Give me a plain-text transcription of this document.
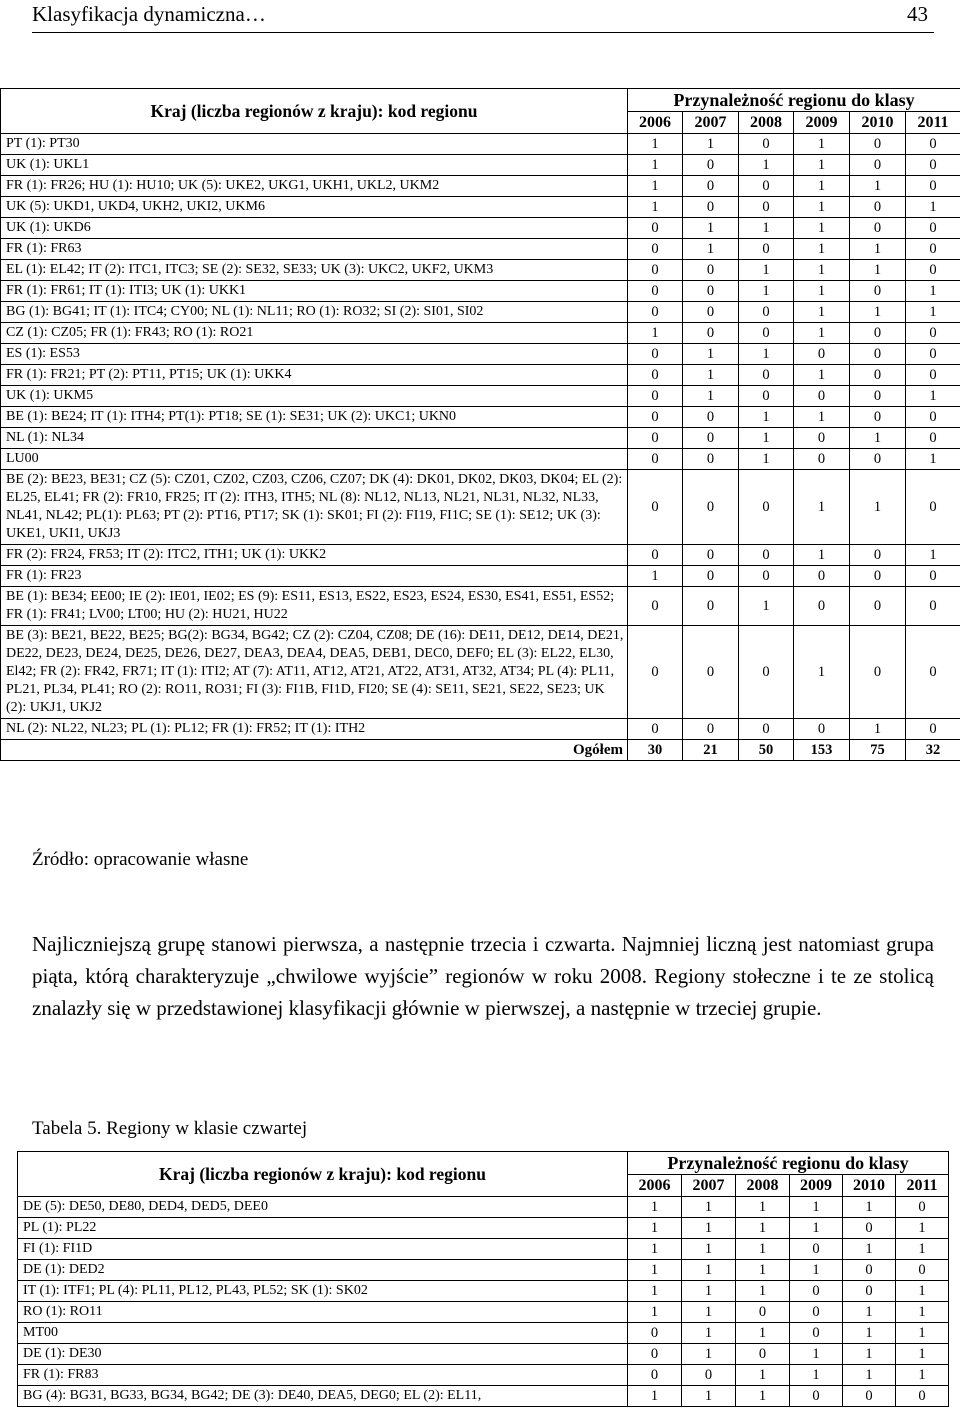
Klasyfikacja dynamiczna…	43
Kraj (liczba regionów z kraju): kod regionu	Przynależność regionu do klasy					
	2006	2007	2008	2009	2010	2011
PT (1): PT30	1	1	0	1	0	0
UK (1): UKL1	1	0	1	1	0	0
FR (1): FR26; HU (1): HU10; UK (5): UKE2, UKG1, UKH1, UKL2, UKM2	1	0	0	1	1	0
UK (5): UKD1, UKD4, UKH2, UKI2, UKM6	1	0	0	1	0	1
UK (1): UKD6	0	1	1	1	0	0
FR (1): FR63	0	1	0	1	1	0
EL (1): EL42; IT (2): ITC1, ITC3; SE (2): SE32, SE33; UK (3): UKC2, UKF2, UKM3	0	0	1	1	1	0
FR (1): FR61; IT (1): ITI3; UK (1): UKK1	0	0	1	1	0	1
BG (1): BG41; IT (1): ITC4; CY00; NL (1): NL11; RO (1): RO32; SI (2): SI01, SI02	0	0	0	1	1	1
CZ (1): CZ05; FR (1): FR43; RO (1): RO21	1	0	0	1	0	0
ES (1): ES53	0	1	1	0	0	0
FR (1): FR21; PT (2): PT11, PT15; UK (1): UKK4	0	1	0	1	0	0
UK (1): UKM5	0	1	0	0	0	1
BE (1): BE24; IT (1): ITH4; PT(1): PT18; SE (1): SE31; UK (2): UKC1; UKN0	0	0	1	1	0	0
NL (1): NL34	0	0	1	0	1	0
LU00	0	0	1	0	0	1
BE (2): BE23, BE31; CZ (5): CZ01, CZ02, CZ03, CZ06, CZ07; DK (4): DK01, DK02, DK03, DK04; EL (2): EL25, EL41; FR (2): FR10, FR25; IT (2): ITH3, ITH5; NL (8): NL12, NL13, NL21, NL31, NL32, NL33, NL41, NL42; PL(1): PL63; PT (2): PT16, PT17; SK (1): SK01; FI (2): FI19, FI1C; SE (1): SE12; UK (3): UKE1, UKI1, UKJ3	0	0	0	1	1	0
FR (2): FR24, FR53; IT (2): ITC2, ITH1; UK (1): UKK2	0	0	0	1	0	1
FR (1): FR23	1	0	0	0	0	0
BE (1): BE34; EE00; IE (2): IE01, IE02; ES (9): ES11, ES13, ES22, ES23, ES24, ES30, ES41, ES51, ES52; FR (1): FR41; LV00; LT00; HU (2): HU21, HU22	0	0	1	0	0	0
BE (3): BE21, BE22, BE25; BG(2): BG34, BG42; CZ (2): CZ04, CZ08; DE (16): DE11, DE12, DE14, DE21, DE22, DE23, DE24, DE25, DE26, DE27, DEA3, DEA4, DEA5, DEB1, DEC0, DEF0; EL (3): EL22, EL30, El42; FR (2): FR42, FR71; IT (1): ITI2; AT (7): AT11, AT12, AT21, AT22, AT31, AT32, AT34; PL (4): PL11, PL21, PL34, PL41; RO (2): RO11, RO31; FI (3): FI1B, FI1D, FI20; SE (4): SE11, SE21, SE22, SE23; UK (2): UKJ1, UKJ2	0	0	0	1	0	0
NL (2): NL22, NL23; PL (1): PL12; FR (1): FR52; IT (1): ITH2	0	0	0	0	1	0
Ogółem	30	21	50	153	75	32
Źródło: opracowanie własne
Najliczniejszą grupę stanowi pierwsza, a następnie trzecia i czwarta. Najmniej liczną jest natomiast grupa piąta, którą charakteryzuje „chwilowe wyjście” regionów w roku 2008. Regiony stołeczne i te ze stolicą znalazły się w przedstawionej klasyfikacji głównie w pierwszej, a następnie w trzeciej grupie.
Tabela 5. Regiony w klasie czwartej
Kraj (liczba regionów z kraju): kod regionu	Przynależność regionu do klasy					
	2006	2007	2008	2009	2010	2011
DE (5): DE50, DE80, DED4, DED5, DEE0	1	1	1	1	1	0
PL (1): PL22	1	1	1	1	0	1
FI (1): FI1D	1	1	1	0	1	1
DE (1): DED2	1	1	1	1	0	0
IT (1): ITF1; PL (4): PL11, PL12, PL43, PL52; SK (1): SK02	1	1	1	0	0	1
RO (1): RO11	1	1	0	0	1	1
MT00	0	1	1	0	1	1
DE (1): DE30	0	1	0	1	1	1
FR (1): FR83	0	0	1	1	1	1
BG (4): BG31, BG33, BG34, BG42; DE (3): DE40, DEA5, DEG0; EL (2): EL11,	1	1	1	0	0	0
